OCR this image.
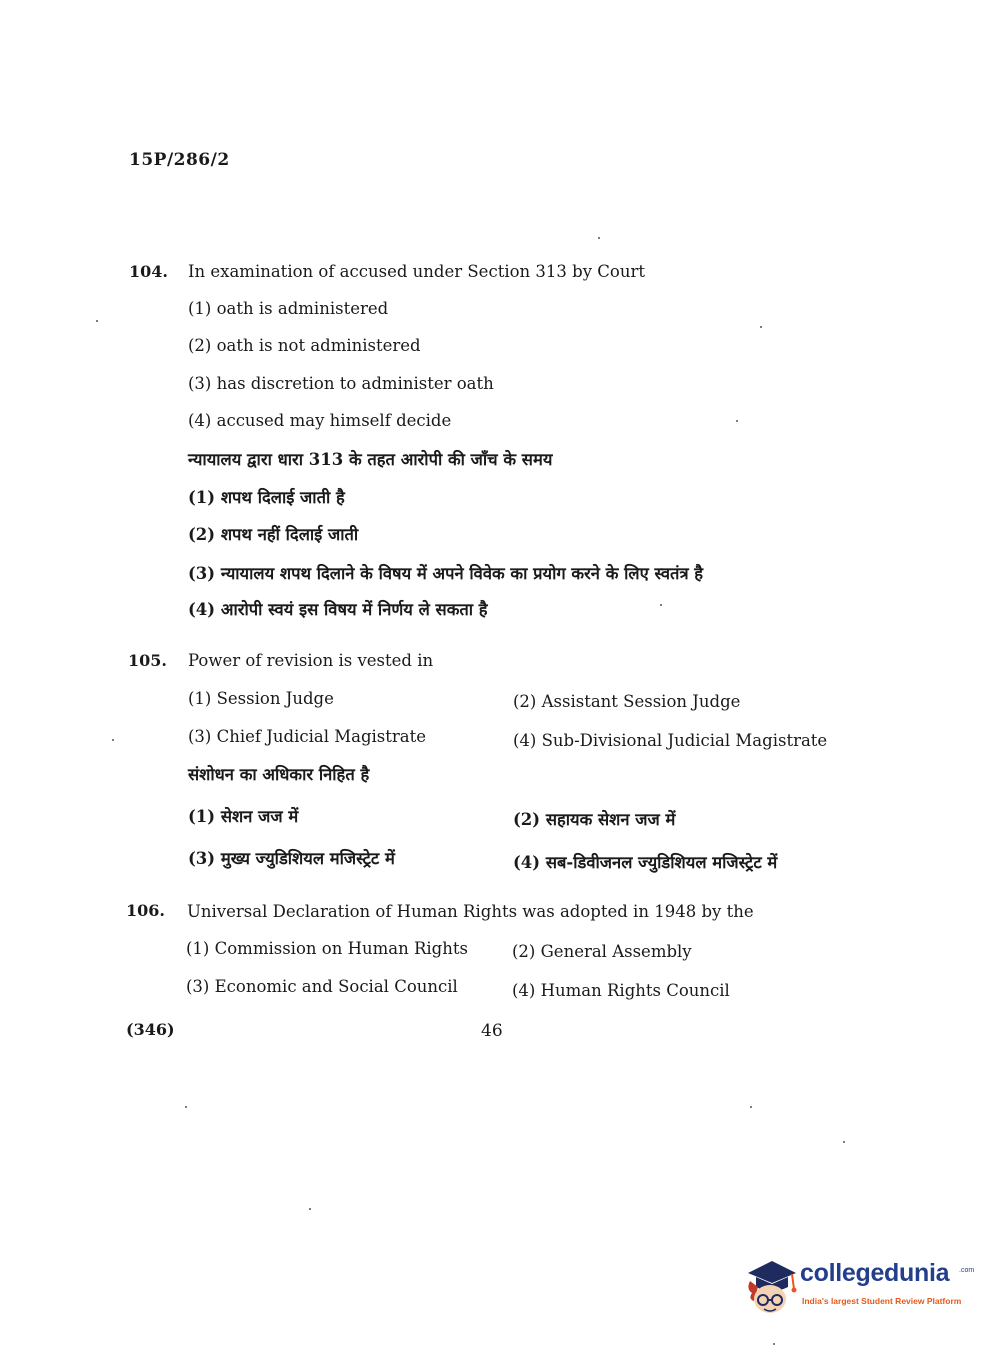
15P/286/2
104. In examination of accused under Section 313 by Court
(1) oath is administered
(2) oath is not administered
(3) has discretion to administer oath
(4) accused may himself decide
न्यायालय द्वारा धारा 313 के तहत आरोपी की जाँच के समय
(1) शपथ दिलाई जाती है
(2) शपथ नहीं दिलाई जाती
(3) न्यायालय शपथ दिलाने के विषय में अपने विवेक का प्रयोग करने के लिए स्वतंत्र है
(4) आरोपी स्वयं इस विषय में निर्णय ले सकता है
105. Power of revision is vested in
(1) Session Judge	(2) Assistant Session Judge
(3) Chief Judicial Magistrate	(4) Sub-Divisional Judicial Magistrate
संशोधन का अधिकार निहित है
(1) सेशन जज में	(2) सहायक सेशन जज में
(3) मुख्य ज्युडिशियल मजिस्ट्रेट में	(4) सब-डिवीजनल ज्युडिशियल मजिस्ट्रेट में
106. Universal Declaration of Human Rights was adopted in 1948 by the
(1) Commission on Human Rights	(2) General Assembly
(3) Economic and Social Council	(4) Human Rights Council
(346)	46
collegedunia .com
India's largest Student Review Platform
